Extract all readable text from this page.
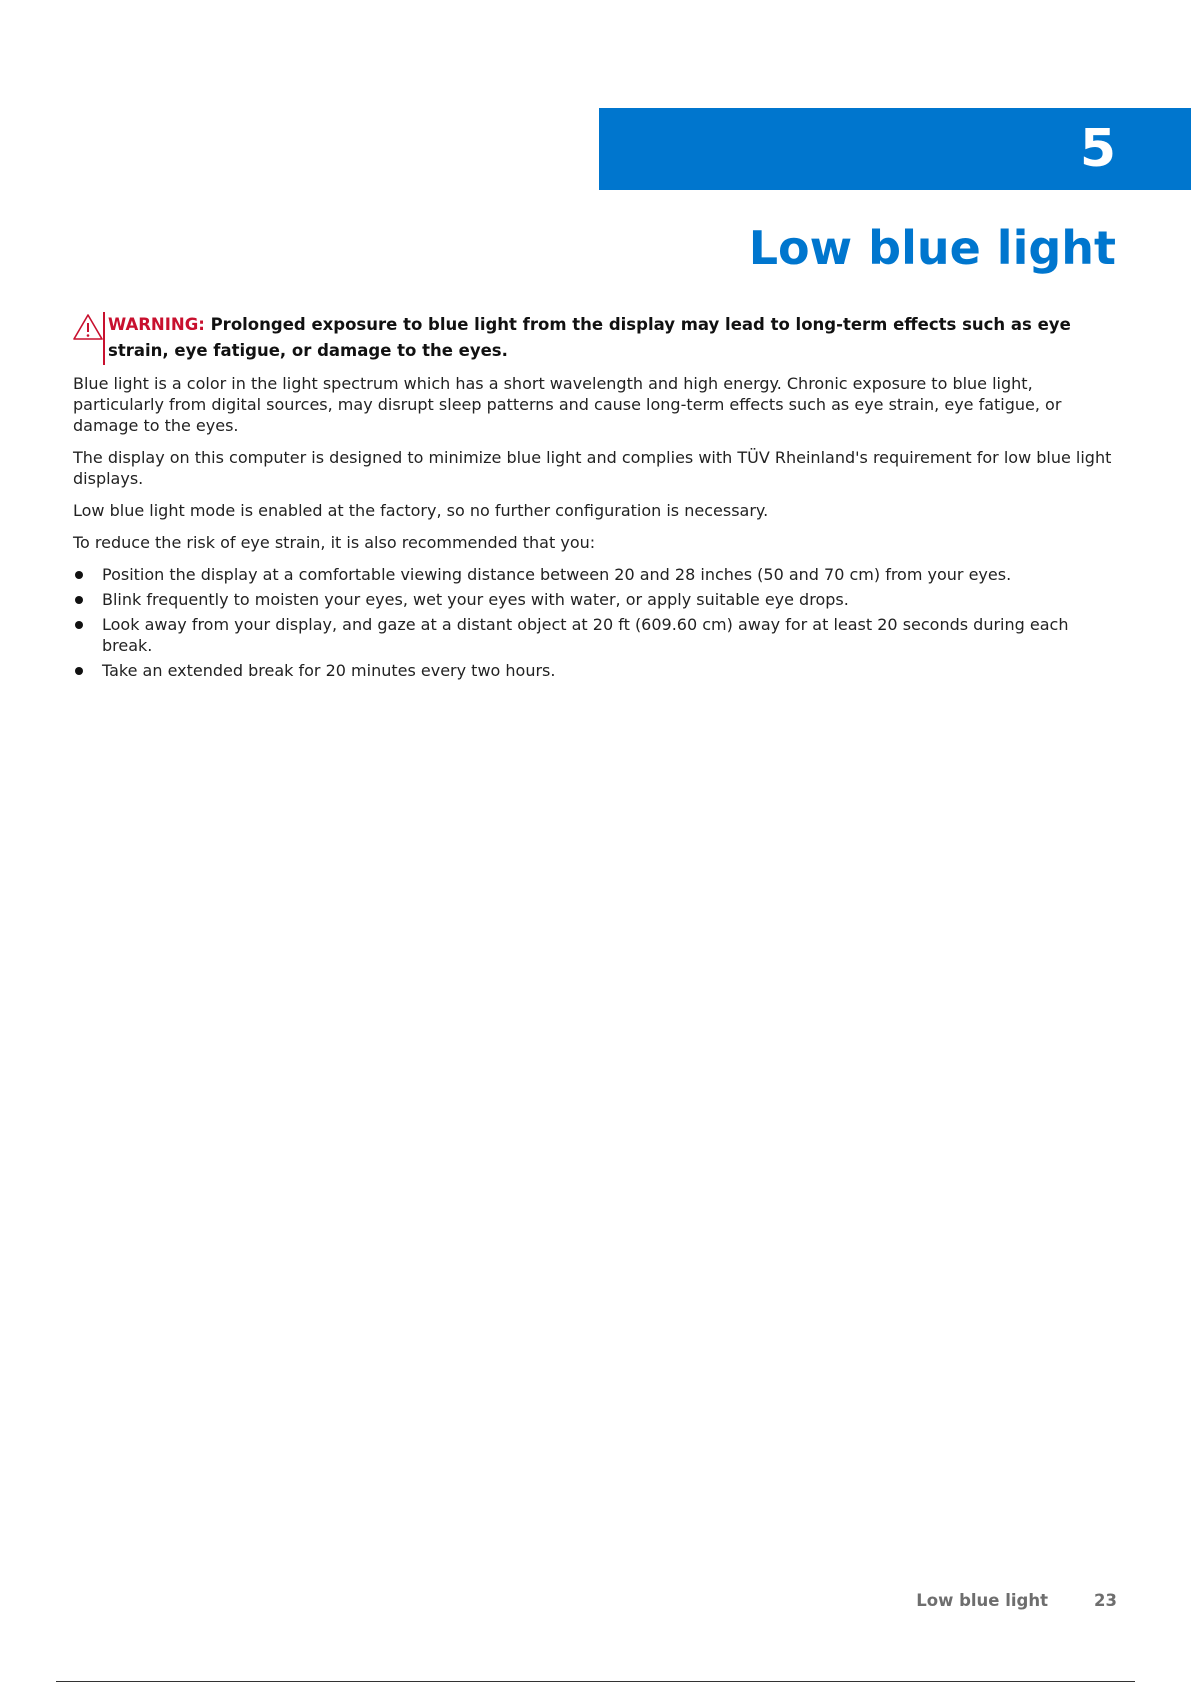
5
Low blue light

WARNING: Prolonged exposure to blue light from the display may lead to long-term effects such as eye strain, eye fatigue, or damage to the eyes.

Blue light is a color in the light spectrum which has a short wavelength and high energy. Chronic exposure to blue light, particularly from digital sources, may disrupt sleep patterns and cause long-term effects such as eye strain, eye fatigue, or damage to the eyes.

The display on this computer is designed to minimize blue light and complies with TÜV Rheinland's requirement for low blue light displays.

Low blue light mode is enabled at the factory, so no further configuration is necessary.

To reduce the risk of eye strain, it is also recommended that you:

Position the display at a comfortable viewing distance between 20 and 28 inches (50 and 70 cm) from your eyes.
Blink frequently to moisten your eyes, wet your eyes with water, or apply suitable eye drops.
Look away from your display, and gaze at a distant object at 20 ft (609.60 cm) away for at least 20 seconds during each break.
Take an extended break for 20 minutes every two hours.

Low blue light	23
